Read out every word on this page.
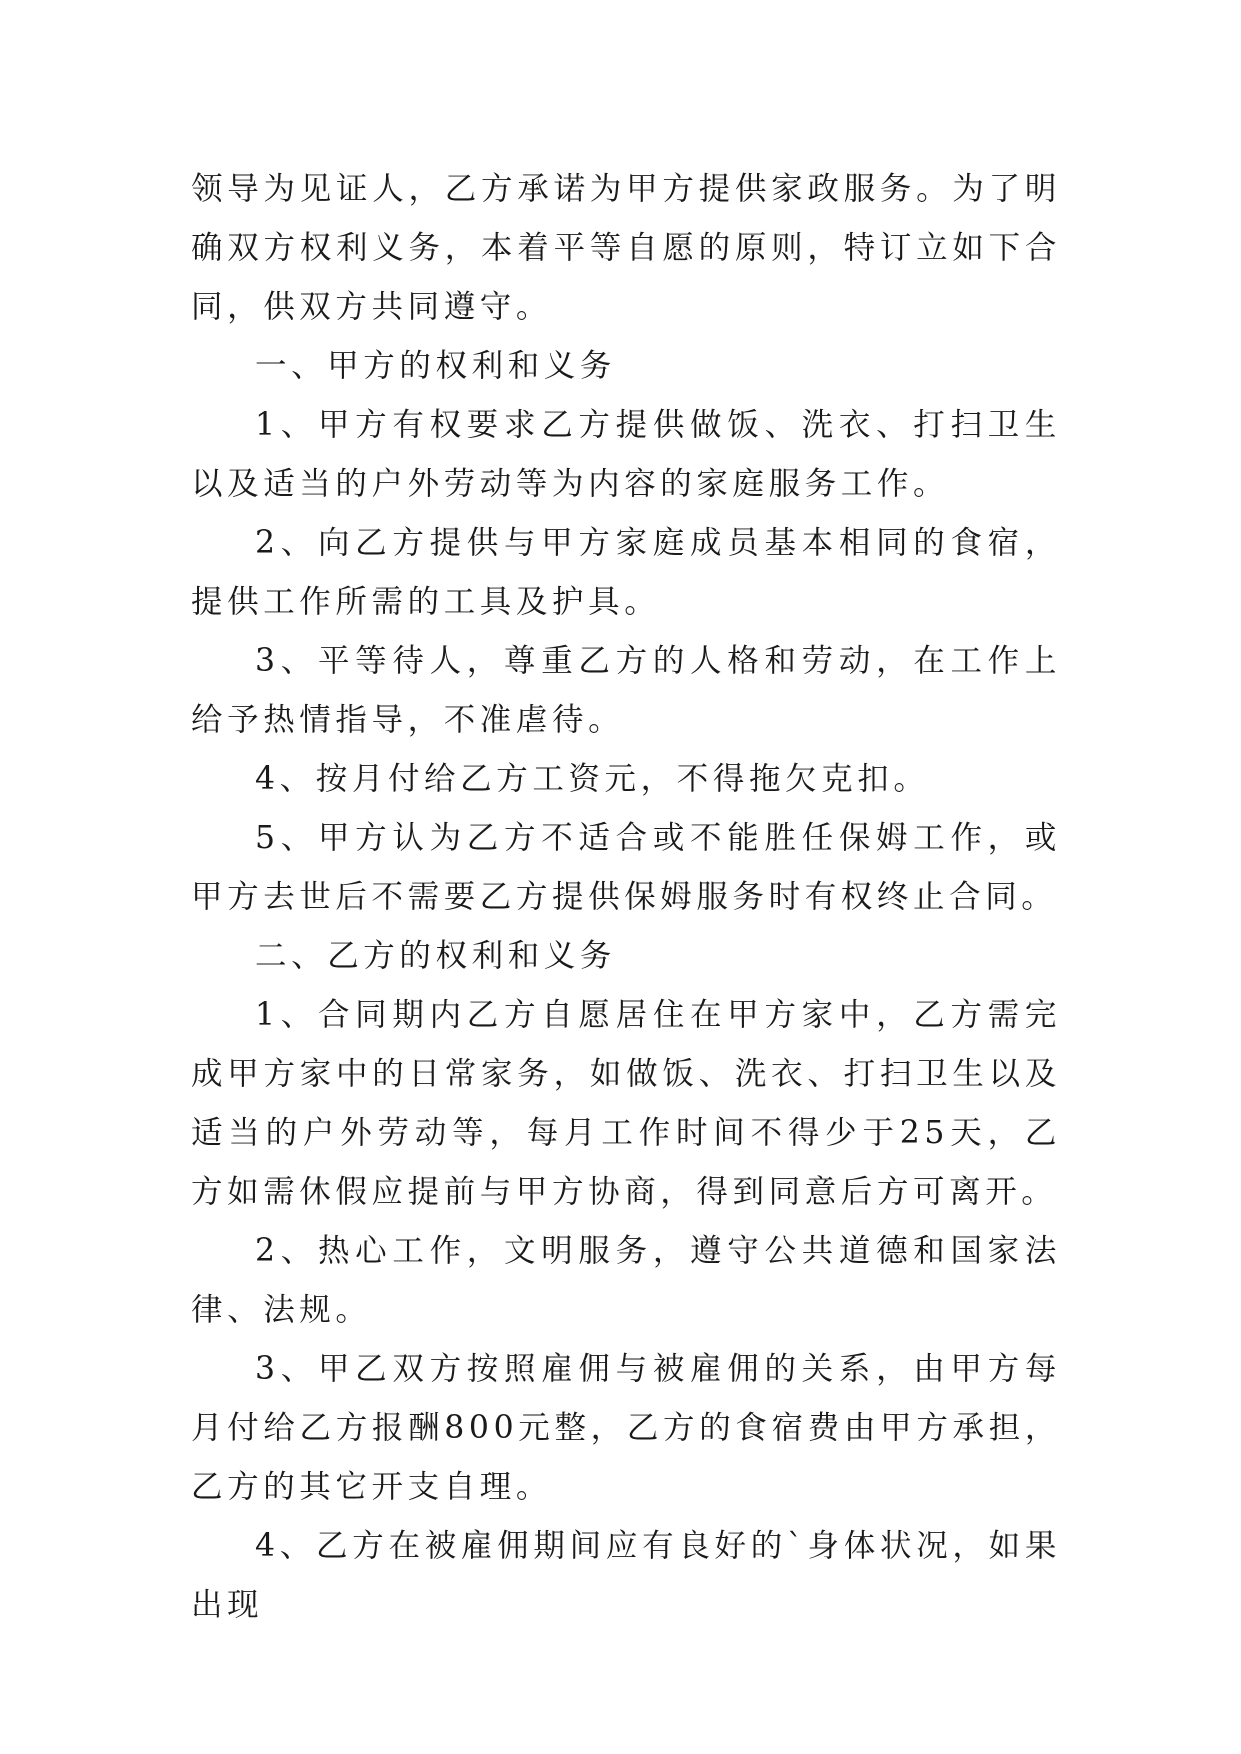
领导为见证人，乙方承诺为甲方提供家政服务。为了明确双方权利义务，本着平等自愿的原则，特订立如下合同，供双方共同遵守。

一、甲方的权利和义务

1、甲方有权要求乙方提供做饭、洗衣、打扫卫生以及适当的户外劳动等为内容的家庭服务工作。

2、向乙方提供与甲方家庭成员基本相同的食宿，提供工作所需的工具及护具。

3、平等待人，尊重乙方的人格和劳动，在工作上给予热情指导，不准虐待。

4、按月付给乙方工资元，不得拖欠克扣。

5、甲方认为乙方不适合或不能胜任保姆工作，或甲方去世后不需要乙方提供保姆服务时有权终止合同。

二、乙方的权利和义务

1、合同期内乙方自愿居住在甲方家中，乙方需完成甲方家中的日常家务，如做饭、洗衣、打扫卫生以及适当的户外劳动等，每月工作时间不得少于25天，乙方如需休假应提前与甲方协商，得到同意后方可离开。

2、热心工作，文明服务，遵守公共道德和国家法律、法规。

3、甲乙双方按照雇佣与被雇佣的关系，由甲方每月付给乙方报酬800元整，乙方的食宿费由甲方承担，乙方的其它开支自理。

4、乙方在被雇佣期间应有良好的`身体状况，如果出现
